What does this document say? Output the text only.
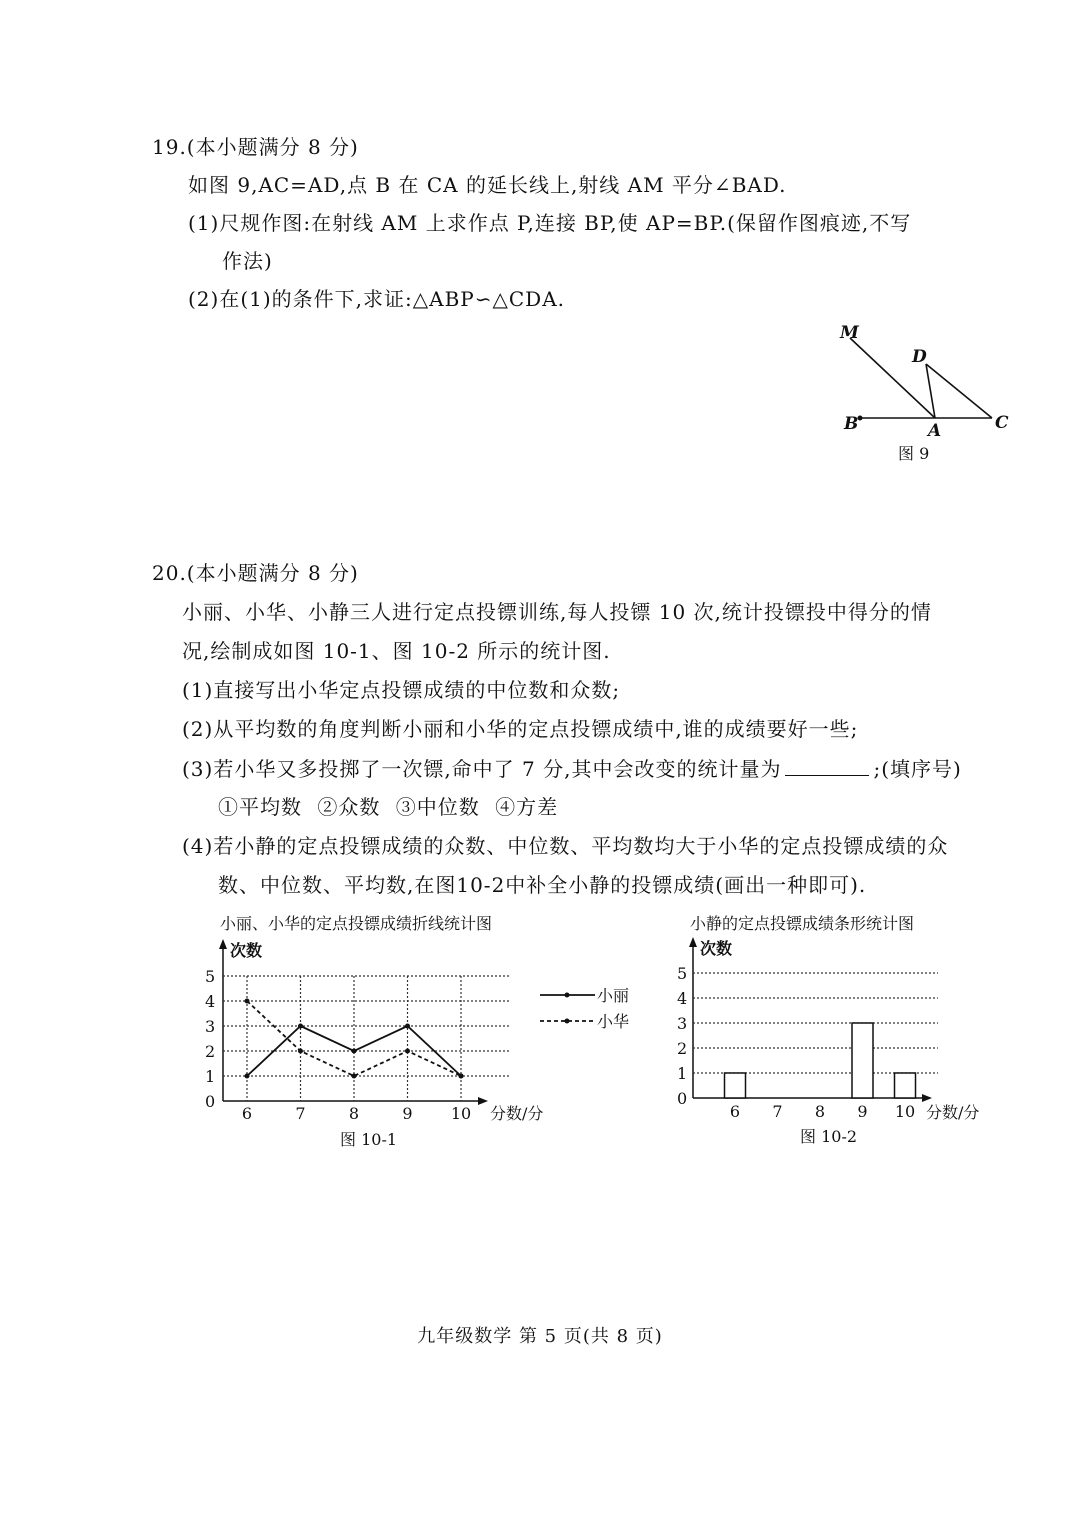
19.(本小题满分 8 分)
如图 9,AC=AD,点 B 在 CA 的延长线上,射线 AM 平分∠BAD.
(1)尺规作图:在射线 AM 上求作点 P,连接 BP,使 AP=BP.(保留作图痕迹,不写
作法)
(2)在(1)的条件下,求证:△ABP∽△CDA.
M
D
B	A	C
图 9
20.(本小题满分 8 分)
小丽、小华、小静三人进行定点投镖训练,每人投镖 10 次,统计投镖投中得分的情
况,绘制成如图 10-1、图 10-2 所示的统计图.
(1)直接写出小华定点投镖成绩的中位数和众数;
(2)从平均数的角度判断小丽和小华的定点投镖成绩中,谁的成绩要好一些;
(3)若小华又多投掷了一次镖,命中了 7 分,其中会改变的统计量为	;(填序号)
①平均数 ②众数 ③中位数 ④方差
(4)若小静的定点投镖成绩的众数、中位数、平均数均大于小华的定点投镖成绩的众
数、中位数、平均数,在图10-2中补全小静的投镖成绩(画出一种即可).
小丽、小华的定点投镖成绩折线统计图
次数
0
1
2
3
4
5
6	7	8	9 10 分数/分
小丽
小华
图 10-1
小静的定点投镖成绩条形统计图
次数
0
1
2
3
4
5
6 7 8 9 10 分数/分
图 10-2
九年级数学 第 5 页(共 8 页)
